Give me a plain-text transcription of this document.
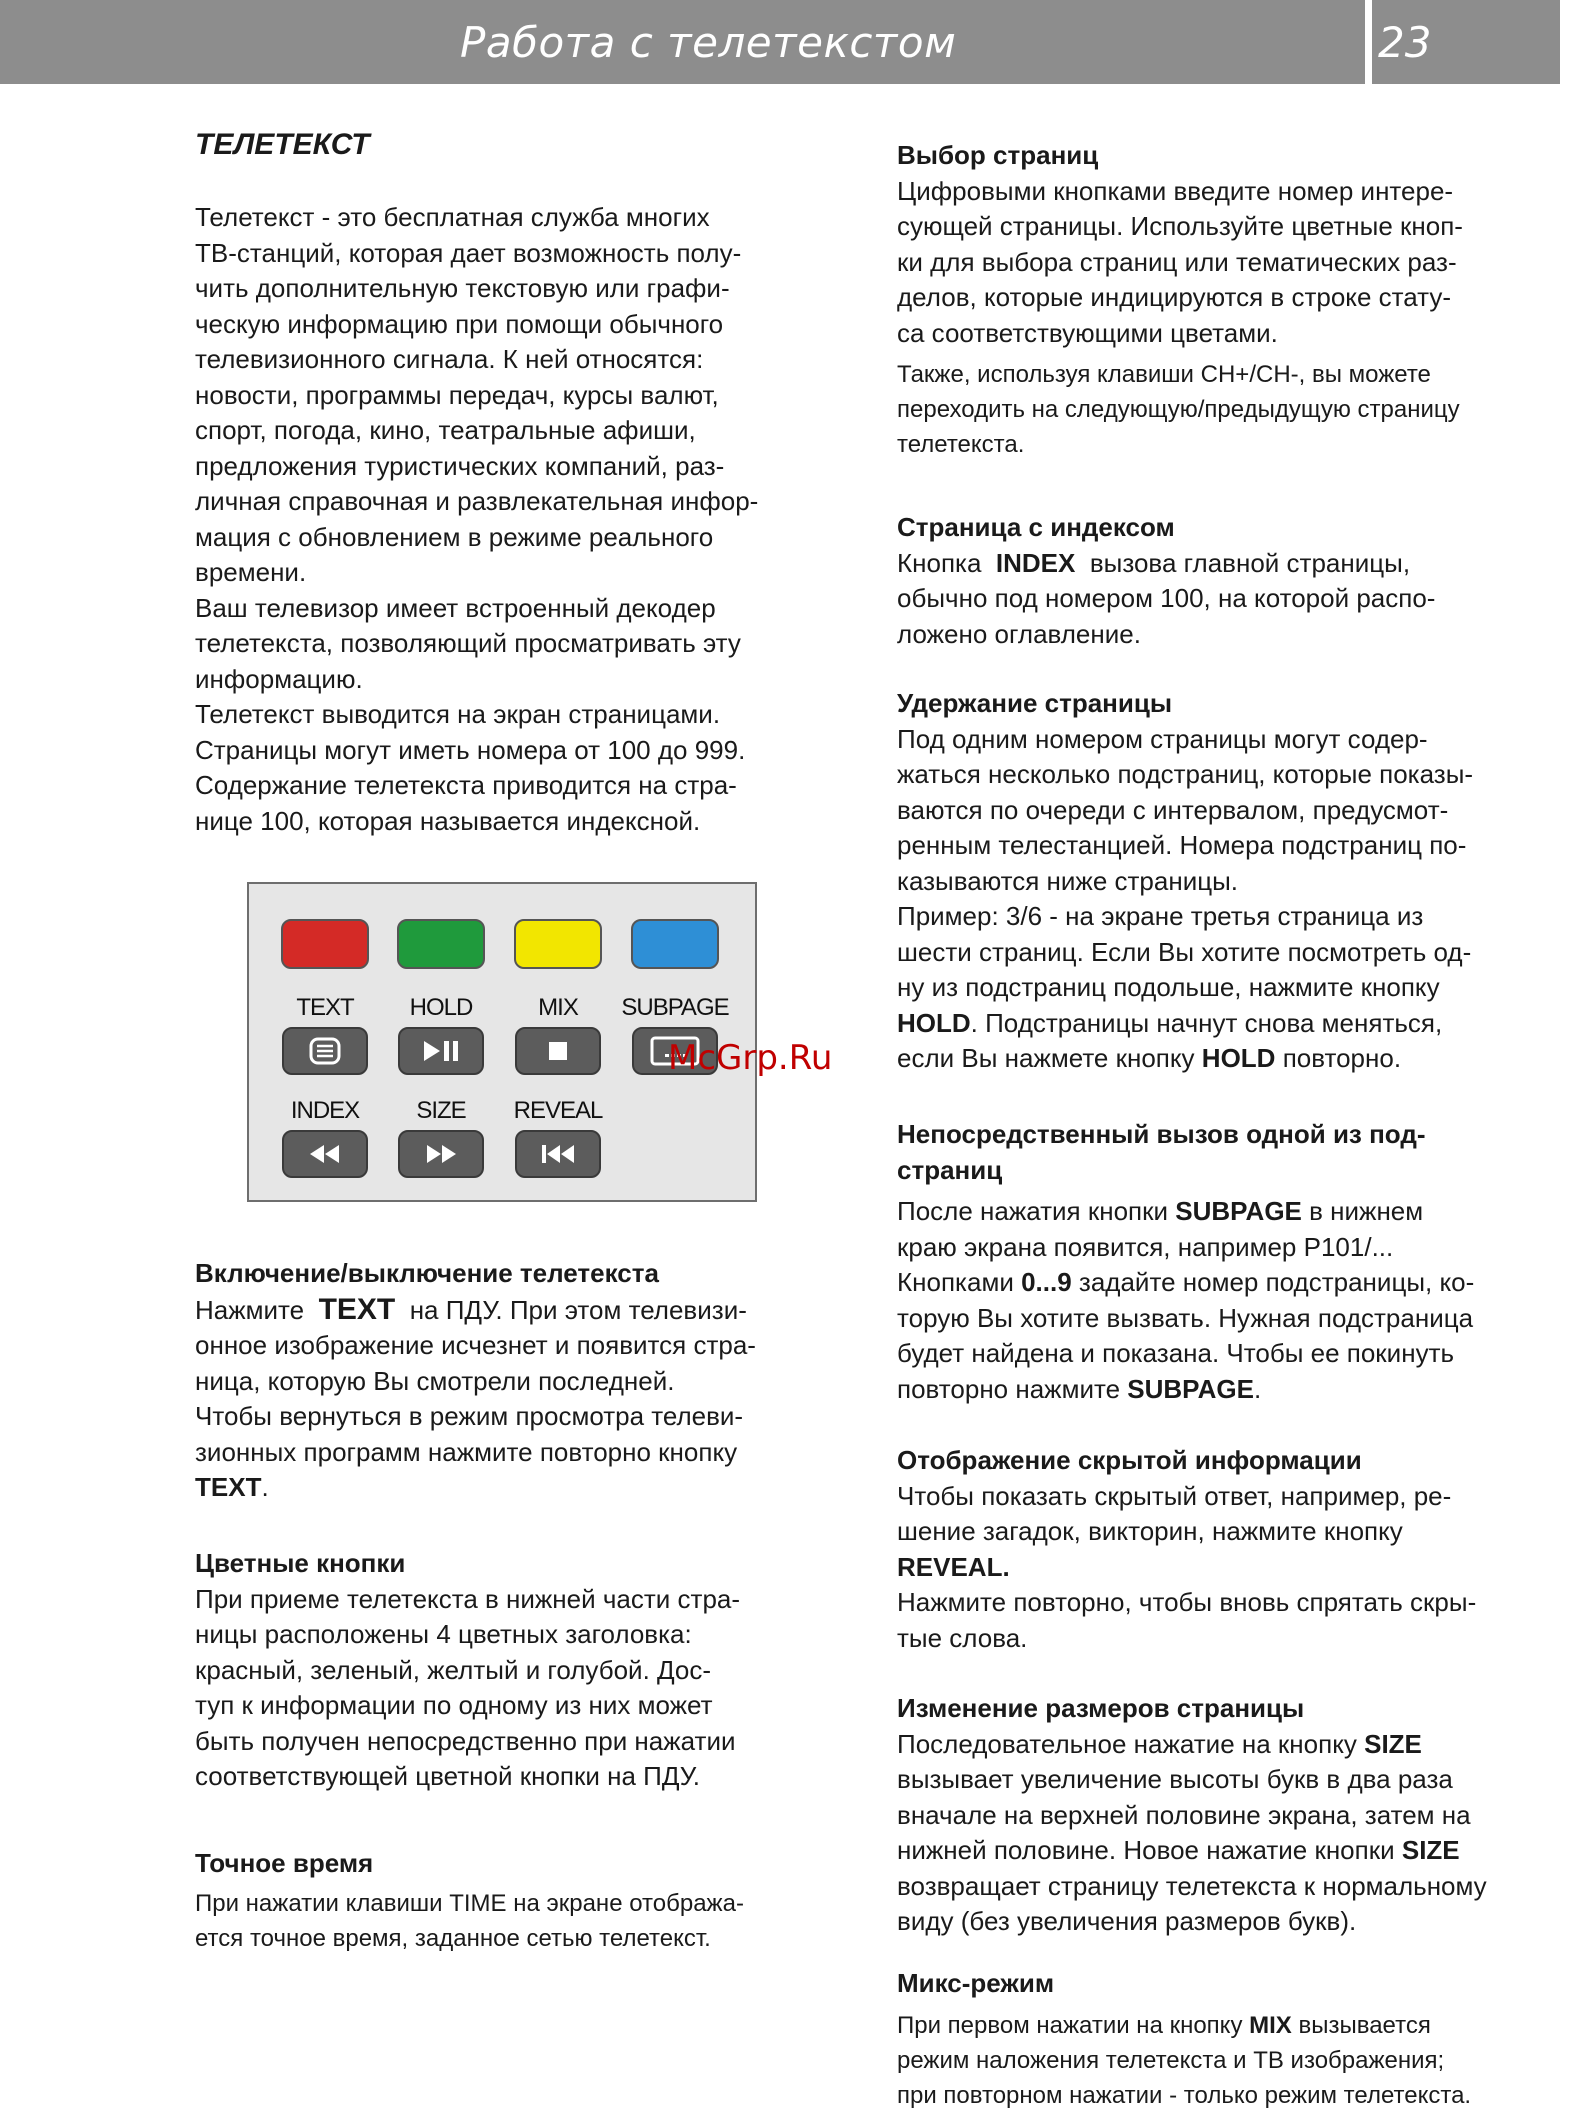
Работа с телетекстом	23
ТЕЛЕТЕКСТ

Телетекст - это бесплатная служба многих

ТВ-станций, которая дает возможность полу-

чить дополнительную текстовую или графи-

ческую информацию при помощи обычного

телевизионного сигнала. К ней относятся:

новости, программы передач, курсы валют,

спорт, погода, кино, театральные афиши,

предложения туристических компаний, раз-

личная справочная и развлекательная инфор-

мация с обновлением в режиме реального

времени.

Ваш телевизор имеет встроенный декодер

телетекста, позволяющий просматривать эту

информацию.

Телетекст выводится на экран страницами.

Страницы могут иметь номера от 100 до 999.

Содержание телетекста приводится на стра-

нице 100, которая называется индексной.

TEXT	HOLD	MIX	SUBPAGE
INDEX	SIZE	REVEAL
McGrp.Ru

Включение/выключение телетекста

Нажмите TEXT на ПДУ. При этом телевизи-

онное изображение исчезнет и появится стра-

ница, которую Вы смотрели последней.

Чтобы вернуться в режим просмотра телеви-

зионных программ нажмите повторно кнопку

TEXT.

Цветные кнопки

При приеме телетекста в нижней части стра-

ницы расположены 4 цветных заголовка:

красный, зеленый, желтый и голубой. Дос-

туп к информации по одному из них может

быть получен непосредственно при нажатии

соответствующей цветной кнопки на ПДУ.

Точное время

При нажатии клавиши TIME на экране отобража-

ется точное время, заданное сетью телетекст.

Выбор страниц

Цифровыми кнопками введите номер интере-

сующей страницы. Используйте цветные кноп-

ки для выбора страниц или тематических раз-

делов, которые индицируются в строке стату-

са соответствующими цветами.

Также, используя клавиши CH+/CH-, вы можете

переходить на следующую/предыдущую страницу

телетекста.

Страница с индексом

Кнопка INDEX вызова главной страницы,

обычно под номером 100, на которой распо-

ложено оглавление.

Удержание страницы

Под одним номером страницы могут содер-

жаться несколько подстраниц, которые показы-

ваются по очереди с интервалом, предусмот-

ренным телестанцией. Номера подстраниц по-

казываются ниже страницы.

Пример: 3/6 - на экране третья страница из

шести страниц. Если Вы хотите посмотреть од-

ну из подстраниц подольше, нажмите кнопку

HOLD. Подстраницы начнут снова меняться,

если Вы нажмете кнопку HOLD повторно.

Непосредственный вызов одной из под-

страниц

После нажатия кнопки SUBPAGE в нижнем

краю экрана появится, например Р101/...

Кнопками 0...9 задайте номер подстраницы, ко-

торую Вы хотите вызвать. Нужная подстраница

будет найдена и показана. Чтобы ее покинуть

повторно нажмите SUBPAGE.

Отображение скрытой информации

Чтобы показать скрытый ответ, например, ре-

шение загадок, викторин, нажмите кнопку

REVEAL.

Нажмите повторно, чтобы вновь спрятать скры-

тые слова.

Изменение размеров страницы

Последовательное нажатие на кнопку SIZE

вызывает увеличение высоты букв в два раза

вначале на верхней половине экрана, затем на

нижней половине. Новое нажатие кнопки SIZE

возвращает страницу телетекста к нормальному

виду (без увеличения размеров букв).

Микс-режим

При первом нажатии на кнопку MIX вызывается

режим наложения телетекста и ТВ изображения;

при повторном нажатии - только режим телетекста.
